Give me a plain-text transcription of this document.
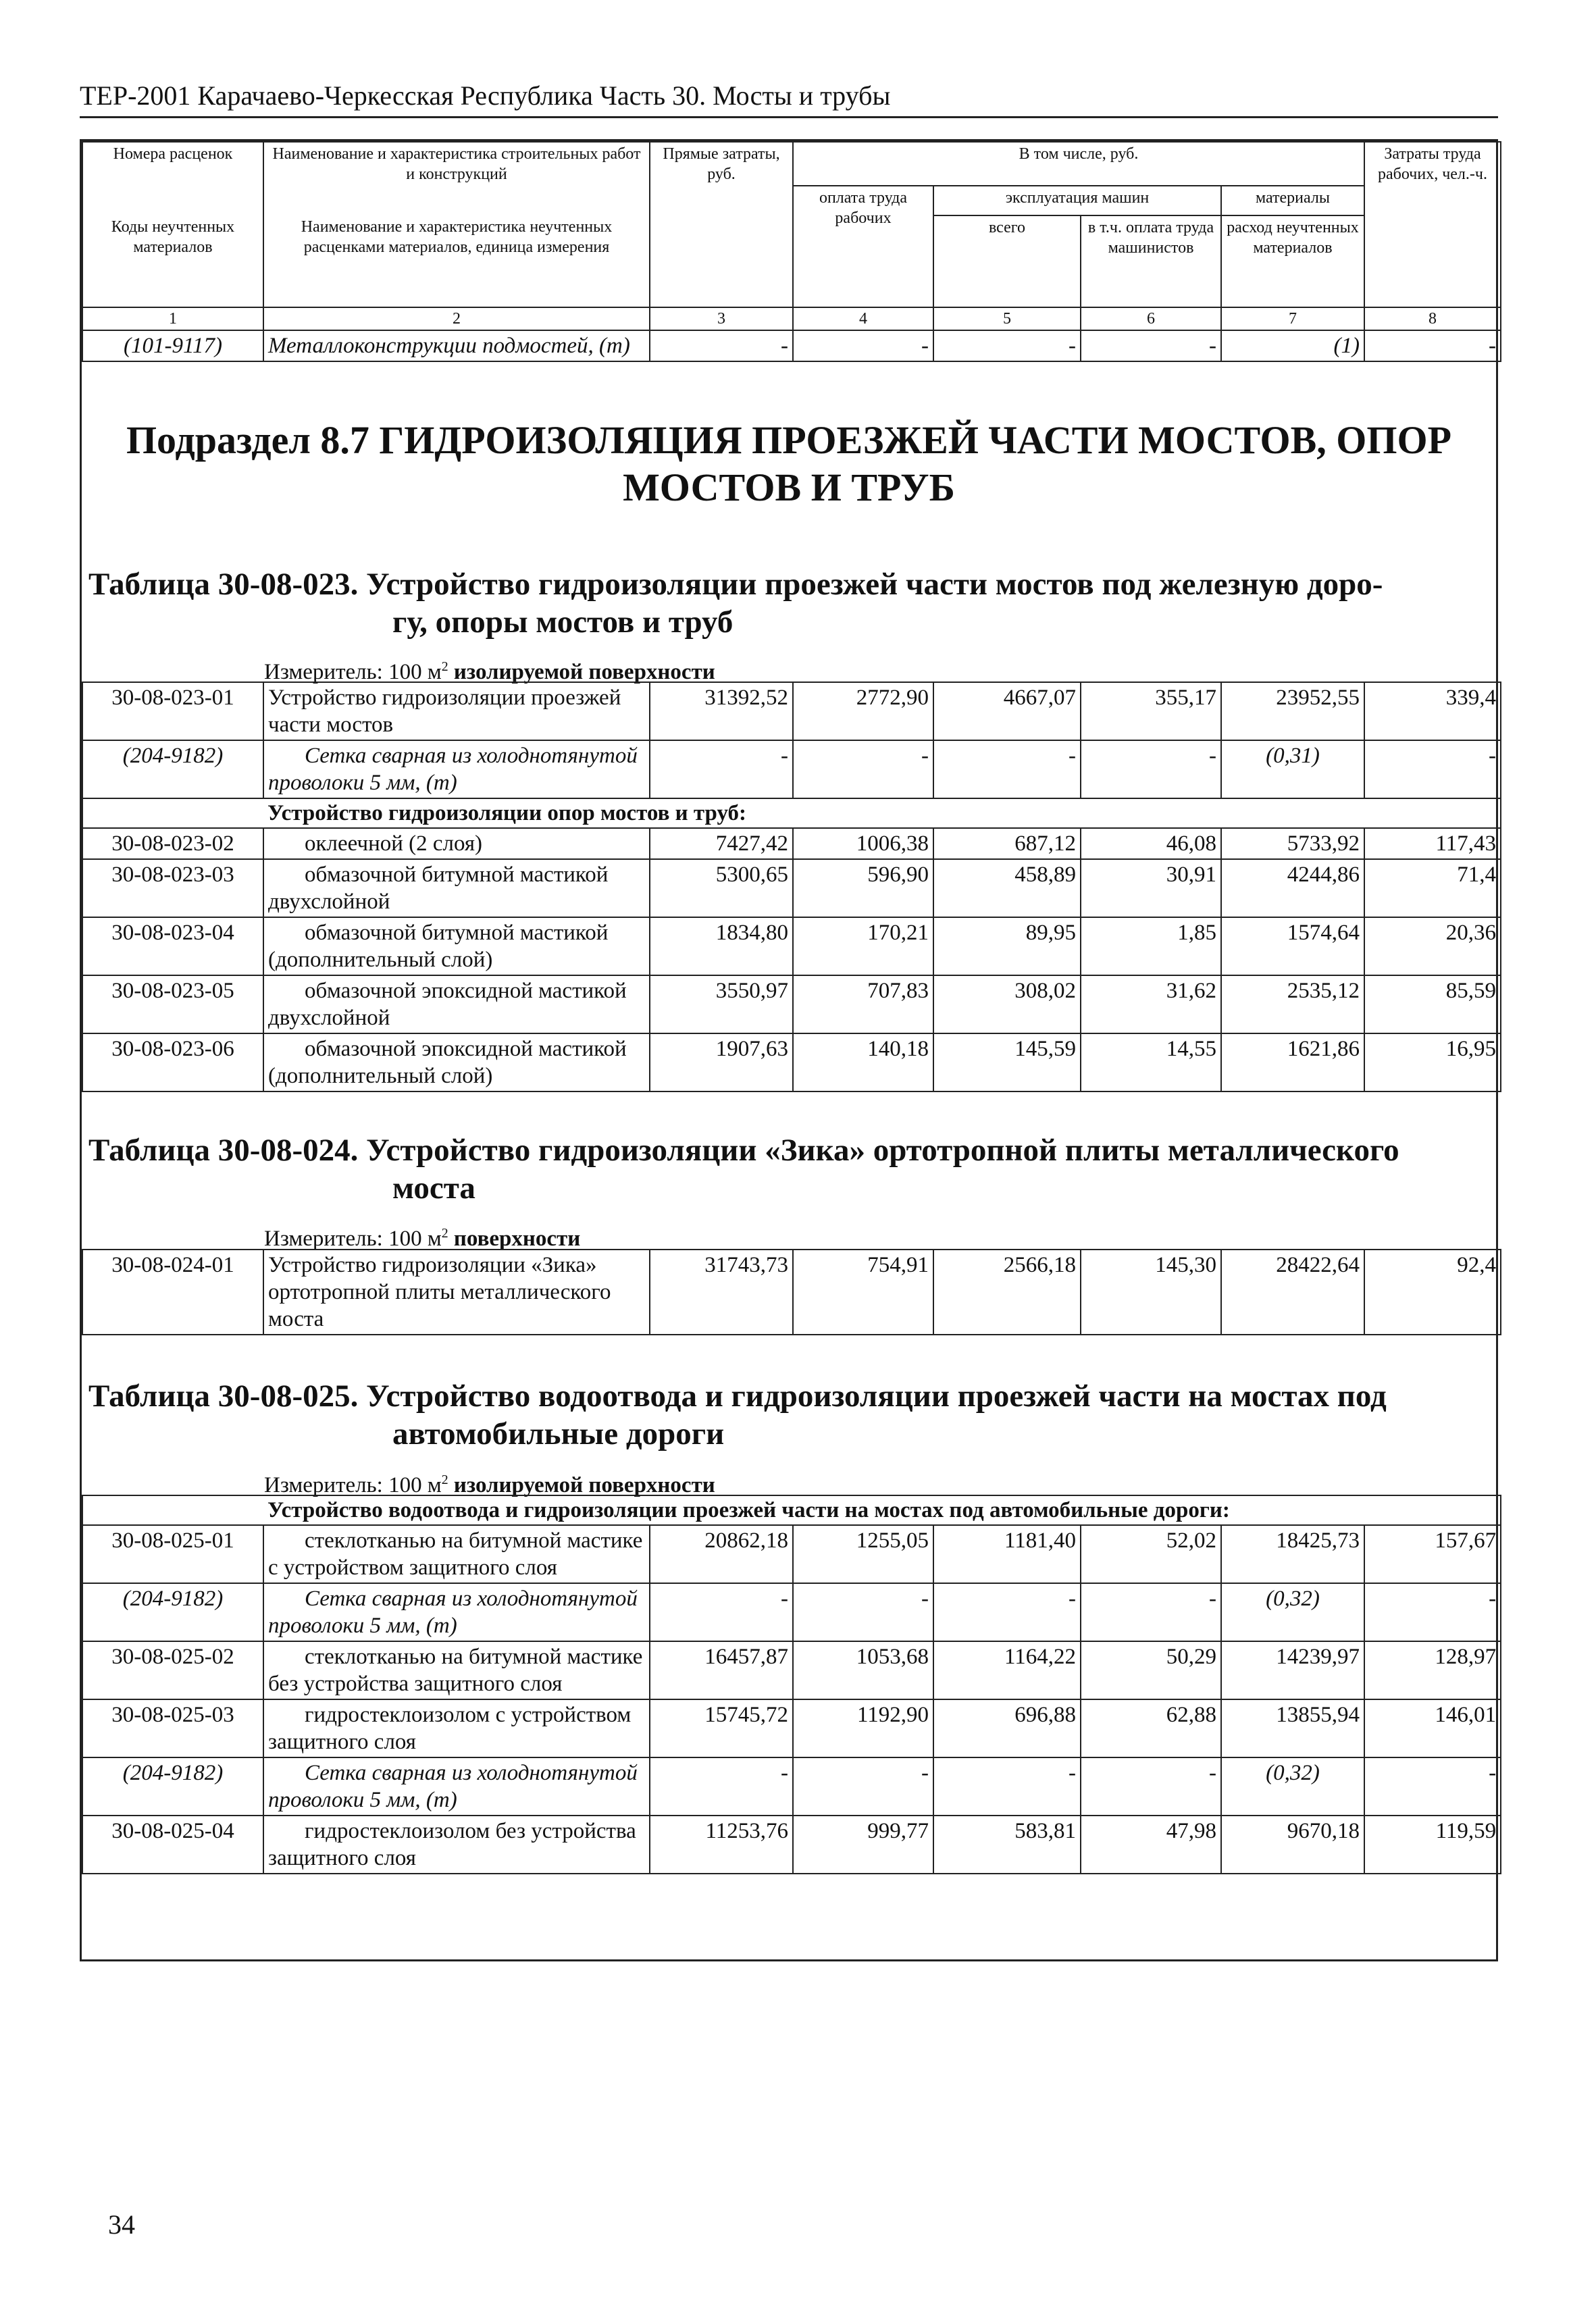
ТЕР-2001 Карачаево-Черкесская Республика Часть 30. Мосты и трубы
Номера расценок	Наименование и характеристика строительных работ и конструкций	Прямые затраты, руб.	В том числе, руб.				Затраты труда рабочих, чел.-ч.
			оплата труда рабочих	эксплуатация машин		материалы	
Коды неучтенных материалов	Наименование и характеристика неучтенных расценками материалов, единица измерения			всего	в т.ч. оплата труда машинистов	расход неучтенных материалов	
1	2	3	4	5	6	7	8
(101-9117)	Металлоконструкции подмостей, (т)	-	-	-	-	(1)	-
Подраздел 8.7 ГИДРОИЗОЛЯЦИЯ ПРОЕЗЖЕЙ ЧАСТИ МОСТОВ, ОПОР
МОСТОВ И ТРУБ
Таблица 30-08-023. Устройство гидроизоляции проезжей части мостов под железную доро-
гу, опоры мостов и труб
Измеритель: 100 $м^2$ изолируемой поверхности
30-08-023-01	Устройство гидроизоляции проезжей части мостов	31392,52	2772,90	4667,07	355,17	23952,55	339,4
(204-9182)	Сетка сварная из холоднотянутой проволоки 5 мм, (т)	-	-	-	-	(0,31)	-
	Устройство гидроизоляции опор мостов и труб:						
30-08-023-02	оклеечной (2 слоя)	7427,42	1006,38	687,12	46,08	5733,92	117,43
30-08-023-03	обмазочной битумной мастикой двухслойной	5300,65	596,90	458,89	30,91	4244,86	71,4
30-08-023-04	обмазочной битумной мастикой (дополнительный слой)	1834,80	170,21	89,95	1,85	1574,64	20,36
30-08-023-05	обмазочной эпоксидной мастикой двухслойной	3550,97	707,83	308,02	31,62	2535,12	85,59
30-08-023-06	обмазочной эпоксидной мастикой (дополнительный слой)	1907,63	140,18	145,59	14,55	1621,86	16,95
Таблица 30-08-024. Устройство гидроизоляции «Зика» ортотропной плиты металлического
моста
Измеритель: 100 $м^2$ поверхности
30-08-024-01	Устройство гидроизоляции «Зика» ортотропной плиты металлического моста	31743,73	754,91	2566,18	145,30	28422,64	92,4
Таблица 30-08-025. Устройство водоотвода и гидроизоляции проезжей части на мостах под
автомобильные дороги
Измеритель: 100 $м^2$ изолируемой поверхности
	Устройство водоотвода и гидроизоляции проезжей части на мостах под автомобильные дороги:						
30-08-025-01	стеклотканью на битумной мастике с устройством защитного слоя	20862,18	1255,05	1181,40	52,02	18425,73	157,67
(204-9182)	Сетка сварная из холоднотянутой проволоки 5 мм, (т)	-	-	-	-	(0,32)	-
30-08-025-02	стеклотканью на битумной мастике без устройства защитного слоя	16457,87	1053,68	1164,22	50,29	14239,97	128,97
30-08-025-03	гидростеклоизолом с устройством защитного слоя	15745,72	1192,90	696,88	62,88	13855,94	146,01
(204-9182)	Сетка сварная из холоднотянутой проволоки 5 мм, (т)	-	-	-	-	(0,32)	-
30-08-025-04	гидростеклоизолом без устройства защитного слоя	11253,76	999,77	583,81	47,98	9670,18	119,59
34
